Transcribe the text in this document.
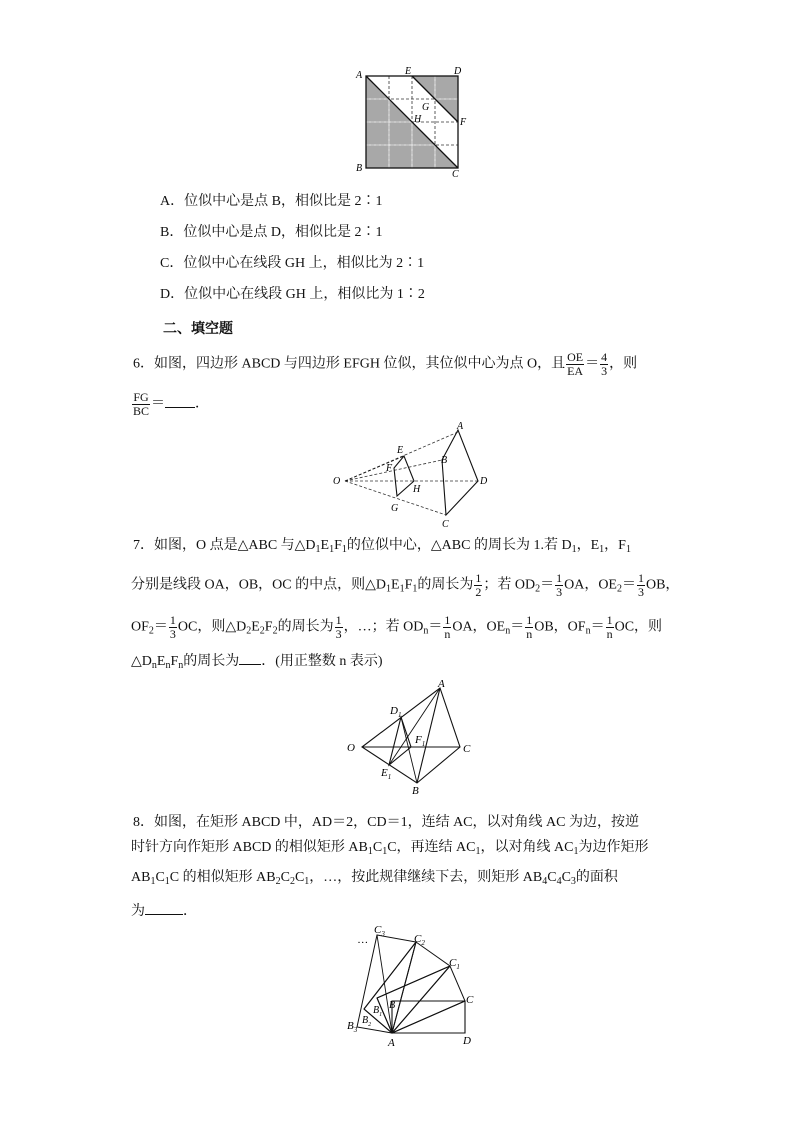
A	E	D
G
H	F
B
C
A．位似中心是点 B，相似比是 2∶1
B．位似中心是点 D，相似比是 2∶1
C．位似中心在线段 GH 上，相似比为 2∶1
D．位似中心在线段 GH 上，相似比为 1∶2
二、填空题
6．如图，四边形 ABCD 与四边形 EFGH 位似，其位似中心为点 O，且 $\frac{OE}{EA} = \frac{4}{3}$ ，则
$\frac{FG}{BC}$ ＝ ．
O
E
A
F
B
D
H
G
C
7．如图，O 点是△ABC 与$\triangle D_1E_1F_1$的位似中心，△ABC 的周长为 1.若 $D_1$，$E_1$，$F_1$
分别是线段 OA，OB，OC 的中点，则$\triangle D_1E_1F_1$的周长为 $\frac{1}{2}$ ；若 $OD_2= \frac{1}{3}$ OA，$OE_2= \frac{1}{3}$ OB，
$OF_2= \frac{1}{3}$ OC，则$\triangle D_2E_2F_2$的周长为 $\frac{1}{3}$ ，…；若 $OD_n= \frac{1}{n}$ OA，$OE_n= \frac{1}{n}$ OB，$OF_n= \frac{1}{n}$ OC，则
$\triangle D_nE_nF_n$的周长为 ．(用正整数 n 表示)
A
$D_1$
O
$F_1$	C
$E_1$
B
8．如图，在矩形 ABCD 中，AD＝2，CD＝1，连结 AC，以对角线 AC 为边，按逆
时针方向作矩形 ABCD 的相似矩形 $AB_1C_1C$，再连结 $AC_1$，以对角线 $AC_1$为边作矩形
$AB_1C_1C$ 的相似矩形 $AB_2C_2C_1$，…，按此规律继续下去，则矩形 $AB_4C_4C_3$的面积
为	．
…
$C_3$	$C_2$
$C_1$
C
B
$B_1$
$B_2$
$B_3$
A	D
